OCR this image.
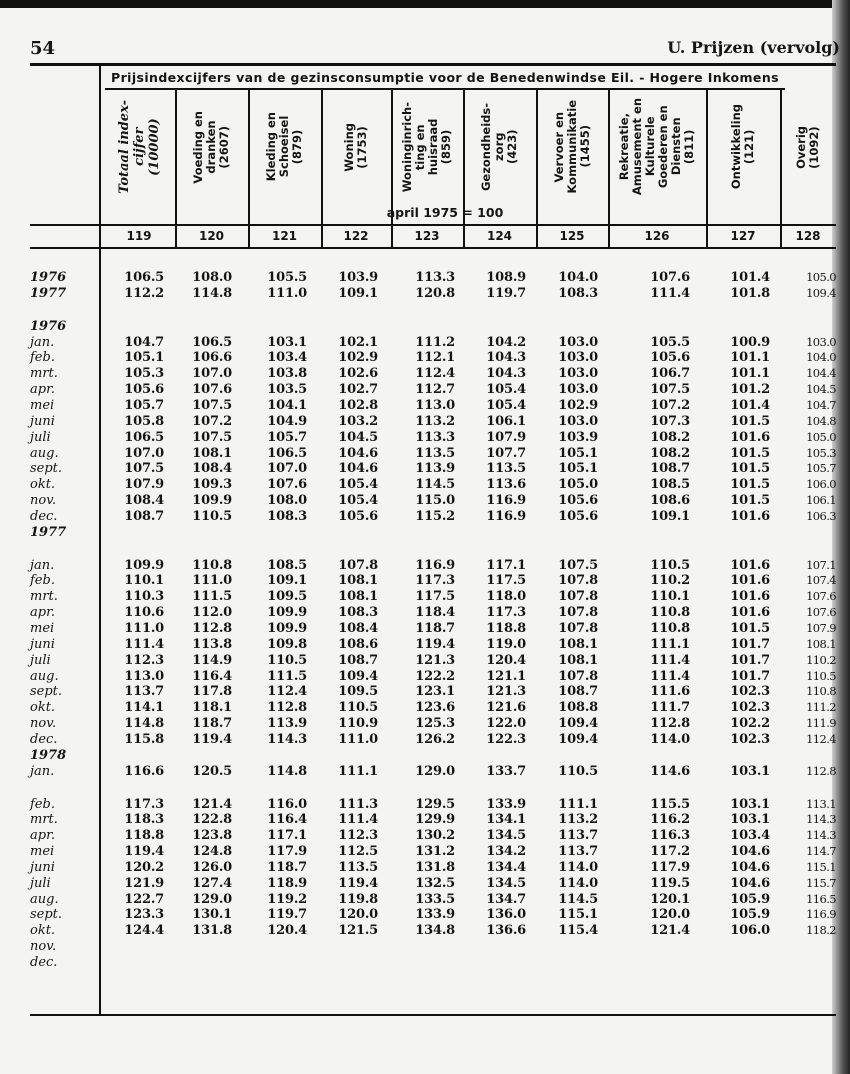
54	U. Prijzen (vervolg)
Prijsindexcijfers van de gezinsconsumptie voor de Benedenwindse Eil. - Hogere Inkomens
Totaal index-
cijfer
(10000)
119
Voeding en
dranken
(2607)
120
Kleding en
Schoeisel
(879)
121
Woning
(1753)
122
Woninginrich-
ting en
huisraad
(859)
123
Gezondheids-
zorg
(423)
124
Vervoer en
Kommunikatie
(1455)
125
Rekreatie,
Amusement en
Kulturele
Goederen en
Diensten
(811)
126
Ontwikkeling
(121)
127
Overig
(1092)
128
april 1975 = 100
1976	106.5	108.0	105.5	103.9	113.3	108.9	104.0	107.6	101.4	105.0
1977	112.2	114.8	111.0	109.1	120.8	119.7	108.3	111.4	101.8	109.4
1976
jan.	104.7	106.5	103.1	102.1	111.2	104.2	103.0	105.5	100.9	103.0
feb.	105.1	106.6	103.4	102.9	112.1	104.3	103.0	105.6	101.1	104.0
mrt.	105.3	107.0	103.8	102.6	112.4	104.3	103.0	106.7	101.1	104.4
apr.	105.6	107.6	103.5	102.7	112.7	105.4	103.0	107.5	101.2	104.5
mei	105.7	107.5	104.1	102.8	113.0	105.4	102.9	107.2	101.4	104.7
juni	105.8	107.2	104.9	103.2	113.2	106.1	103.0	107.3	101.5	104.8
juli	106.5	107.5	105.7	104.5	113.3	107.9	103.9	108.2	101.6	105.0
aug.	107.0	108.1	106.5	104.6	113.5	107.7	105.1	108.2	101.5	105.3
sept.	107.5	108.4	107.0	104.6	113.9	113.5	105.1	108.7	101.5	105.7
okt.	107.9	109.3	107.6	105.4	114.5	113.6	105.0	108.5	101.5	106.0
nov.	108.4	109.9	108.0	105.4	115.0	116.9	105.6	108.6	101.5	106.1
dec.	108.7	110.5	108.3	105.6	115.2	116.9	105.6	109.1	101.6	106.3
1977
jan.	109.9	110.8	108.5	107.8	116.9	117.1	107.5	110.5	101.6	107.1
feb.	110.1	111.0	109.1	108.1	117.3	117.5	107.8	110.2	101.6	107.4
mrt.	110.3	111.5	109.5	108.1	117.5	118.0	107.8	110.1	101.6	107.6
apr.	110.6	112.0	109.9	108.3	118.4	117.3	107.8	110.8	101.6	107.6
mei	111.0	112.8	109.9	108.4	118.7	118.8	107.8	110.8	101.5	107.9
juni	111.4	113.8	109.8	108.6	119.4	119.0	108.1	111.1	101.7	108.1
juli	112.3	114.9	110.5	108.7	121.3	120.4	108.1	111.4	101.7	110.2
aug.	113.0	116.4	111.5	109.4	122.2	121.1	107.8	111.4	101.7	110.5
sept.	113.7	117.8	112.4	109.5	123.1	121.3	108.7	111.6	102.3	110.8
okt.	114.1	118.1	112.8	110.5	123.6	121.6	108.8	111.7	102.3	111.2
nov.	114.8	118.7	113.9	110.9	125.3	122.0	109.4	112.8	102.2	111.9
dec.	115.8	119.4	114.3	111.0	126.2	122.3	109.4	114.0	102.3	112.4
1978
jan.	116.6	120.5	114.8	111.1	129.0	133.7	110.5	114.6	103.1	112.8
feb.	117.3	121.4	116.0	111.3	129.5	133.9	111.1	115.5	103.1	113.1
mrt.	118.3	122.8	116.4	111.4	129.9	134.1	113.2	116.2	103.1	114.3
apr.	118.8	123.8	117.1	112.3	130.2	134.5	113.7	116.3	103.4	114.3
mei	119.4	124.8	117.9	112.5	131.2	134.2	113.7	117.2	104.6	114.7
juni	120.2	126.0	118.7	113.5	131.8	134.4	114.0	117.9	104.6	115.1
juli	121.9	127.4	118.9	119.4	132.5	134.5	114.0	119.5	104.6	115.7
aug.	122.7	129.0	119.2	119.8	133.5	134.7	114.5	120.1	105.9	116.5
sept.	123.3	130.1	119.7	120.0	133.9	136.0	115.1	120.0	105.9	116.9
okt.	124.4	131.8	120.4	121.5	134.8	136.6	115.4	121.4	106.0	118.2
nov.
dec.
